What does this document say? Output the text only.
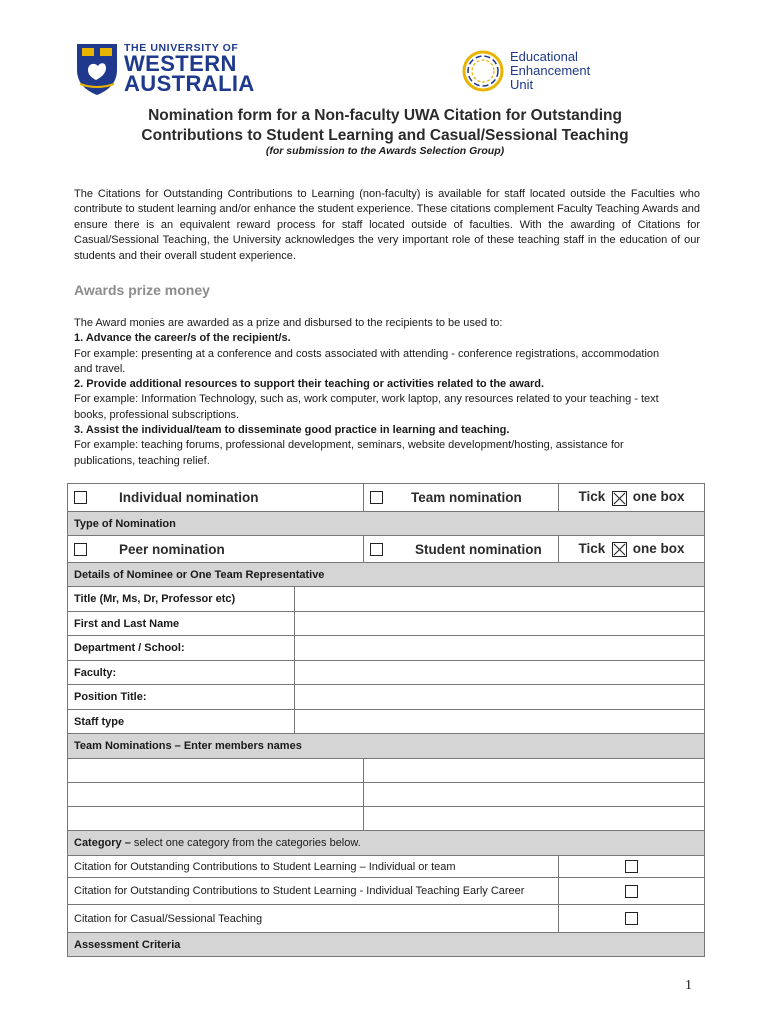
THE UNIVERSITY OF
WESTERN
AUSTRALIA
Educational
Enhancement
Unit
Nomination form for a Non-faculty UWA Citation for Outstanding
Contributions to Student Learning and Casual/Sessional Teaching
(for submission to the Awards Selection Group)
The Citations for Outstanding Contributions to Learning (non-faculty) is available for staff located outside the Faculties who contribute to student learning and/or enhance the student experience. These citations complement Faculty Teaching Awards and ensure there is an equivalent reward process for staff located outside of faculties. With the awarding of Citations for Casual/Sessional Teaching, the University acknowledges the very important role of these teaching staff in the education of our students and their overall student experience.
Awards prize money

The Award monies are awarded as a prize and disbursed to the recipients to be used to:

1. Advance the career/s of the recipient/s.

For example: presenting at a conference and costs associated with attending - conference registrations, accommodation and travel.

2. Provide additional resources to support their teaching or activities related to the award.

For example: Information Technology, such as, work computer, work laptop, any resources related to your teaching - text books, professional subscriptions.

3. Assist the individual/team to disseminate good practice in learning and teaching.

For example: teaching forums, professional development, seminars, website development/hosting, assistance for publications, teaching relief.

Individual nomination		Team nomination	Tick one box
Type of Nomination			

Peer nomination		Student nomination	Tick one box
Details of Nominee or One Team Representative			
Title (Mr, Ms, Dr, Professor etc)			
First and Last Name			
Department / School:			
Faculty:			
Position Title:			
Staff type			
Team Nominations – Enter members names			

Category – select one category from the categories below.			
Citation for Outstanding Contributions to Student Learning – Individual or team			
Citation for Outstanding Contributions to Student Learning - Individual Teaching Early Career			
Citation for Casual/Sessional Teaching			
Assessment Criteria			
1
